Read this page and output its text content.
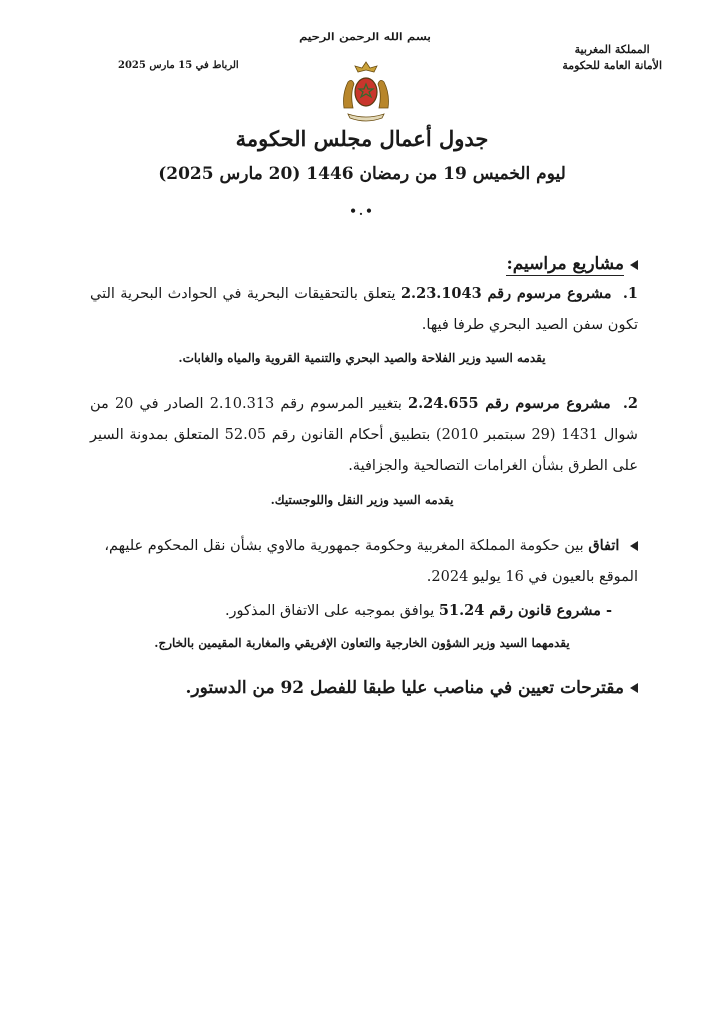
بسم الله الرحمن الرحيم
المملكة المغربية
الأمانة العامة للحكومة
الرباط في 15 مارس 2025
جدول أعمال مجلس الحكومة
ليوم الخميس 19 من رمضان 1446 (20 مارس 2025)
•.•
مشاريع مراسيم:
1. مشروع مرسوم رقم 2.23.1043 يتعلق بالتحقيقات البحرية في الحوادث البحرية التي تكون سفن الصيد البحري طرفا فيها.
يقدمه السيد وزير الفلاحة والصيد البحري والتنمية القروية والمياه والغابات.
2. مشروع مرسوم رقم 2.24.655 بتغيير المرسوم رقم 2.10.313 الصادر في 20 من شوال 1431 (29 سبتمبر 2010) بتطبيق أحكام القانون رقم 52.05 المتعلق بمدونة السير على الطرق بشأن الغرامات التصالحية والجزافية.
يقدمه السيد وزير النقل واللوجستيك.
اتفاق بين حكومة المملكة المغربية وحكومة جمهورية مالاوي بشأن نقل المحكوم عليهم، الموقع بالعيون في 16 يوليو 2024.
- مشروع قانون رقم 51.24 يوافق بموجبه على الاتفاق المذكور.
يقدمهما السيد وزير الشؤون الخارجية والتعاون الإفريقي والمغاربة المقيمين بالخارج.
مقترحات تعيين في مناصب عليا طبقا للفصل 92 من الدستور.
